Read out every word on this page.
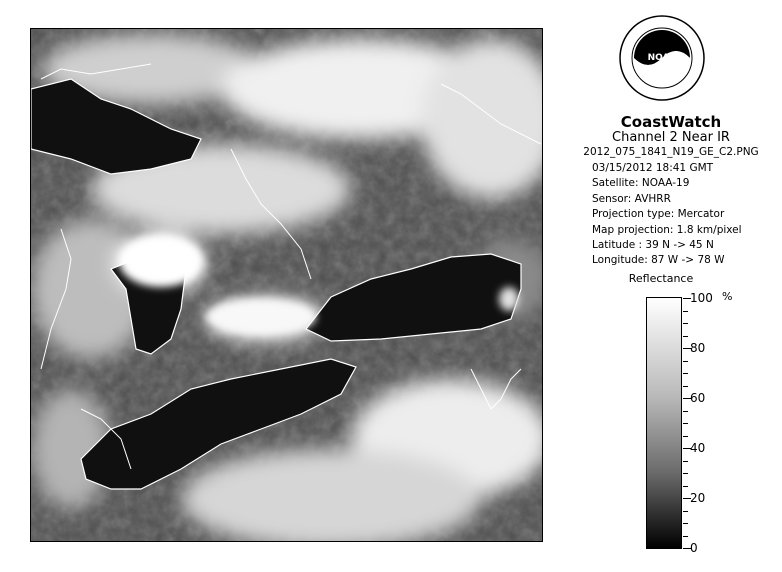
NOAA
CoastWatch
Channel 2 Near IR
2012_075_1841_N19_GE_C2.PNG
03/15/2012 18:41 GMT
Satellite: NOAA-19
Sensor: AVHRR
Projection type: Mercator
Map projection: 1.8 km/pixel
Latitude : 39 N -> 45 N
Longitude: 87 W -> 78 W
Reflectance
%
100
80
60
40
20
0
